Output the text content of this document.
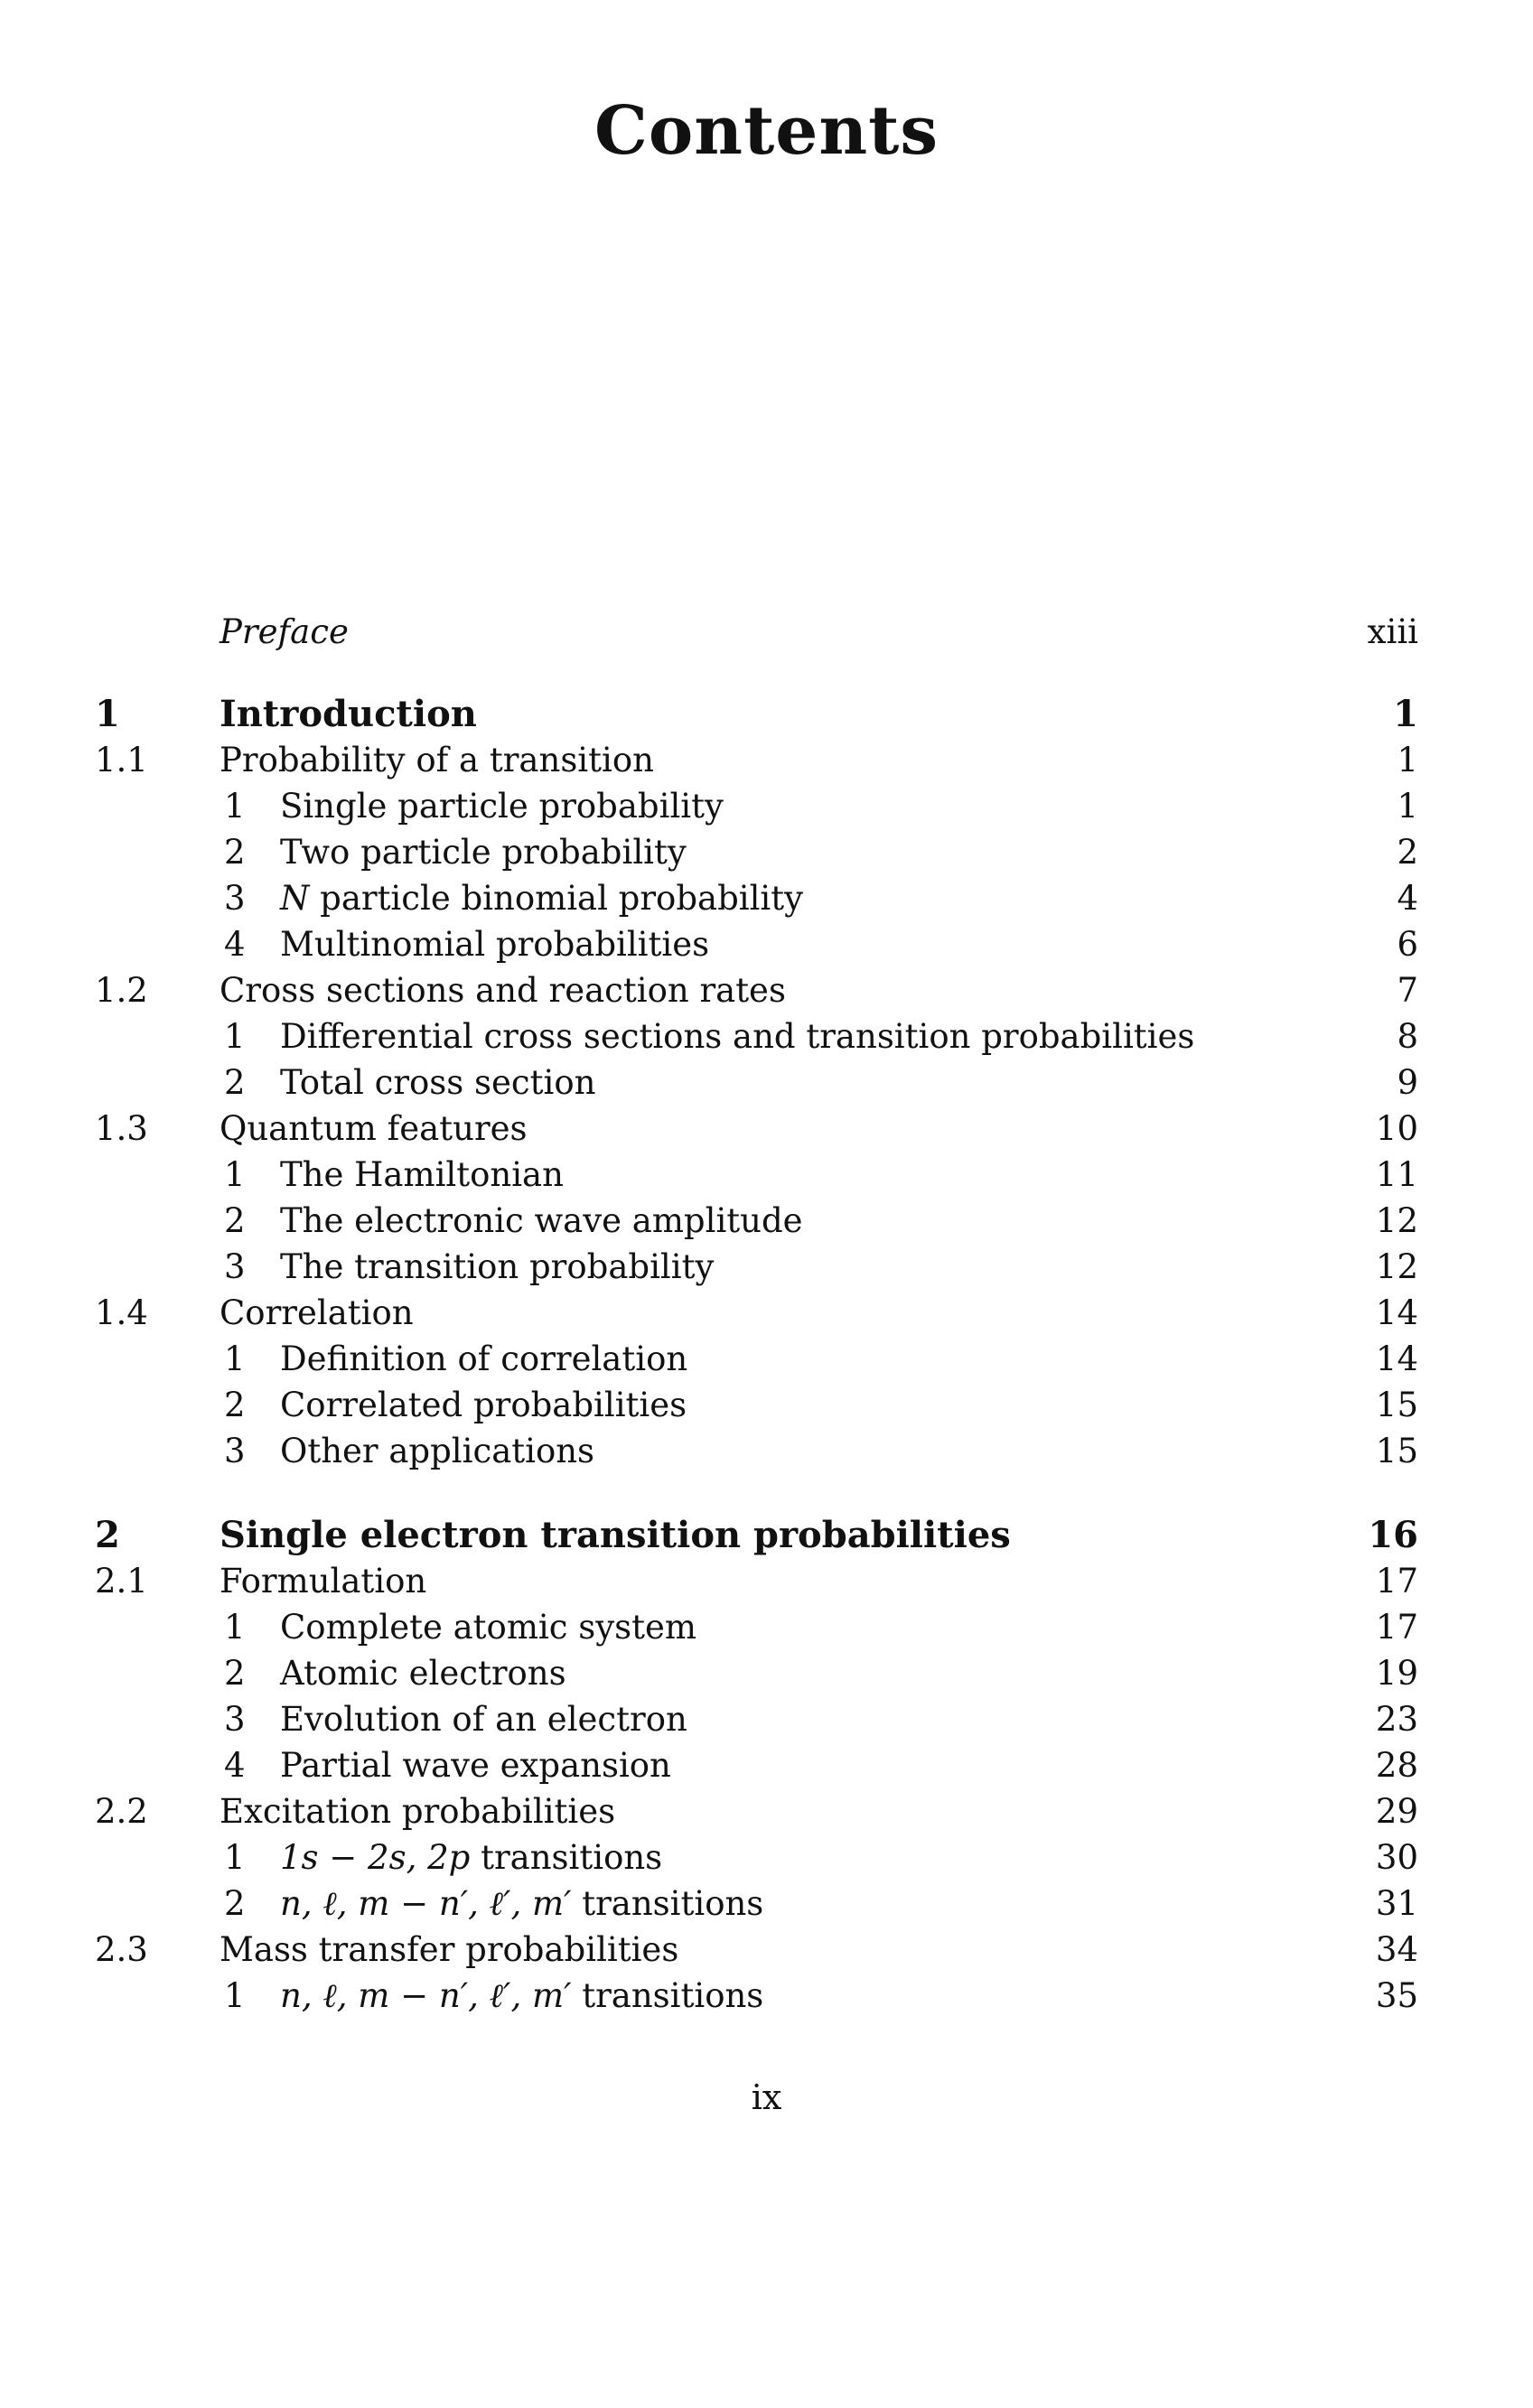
Contents
Preface	xiii
1	Introduction	1
1.1 Probability of a transition	1
1 Single particle probability	1
2 Two particle probability	2
3 N particle binomial probability	4
4 Multinomial probabilities	6
1.2 Cross sections and reaction rates	7
1 Differential cross sections and transition probabilities	8
2 Total cross section	9
1.3 Quantum features	10
1 The Hamiltonian	11
2 The electronic wave amplitude	12
3 The transition probability	12
1.4 Correlation	14
1 Definition of correlation	14
2 Correlated probabilities	15
3 Other applications	15
2	Single electron transition probabilities	16
2.1 Formulation	17
1 Complete atomic system	17
2 Atomic electrons	19
3 Evolution of an electron	23
4 Partial wave expansion	28
2.2 Excitation probabilities	29
1 1s − 2s, 2p transitions	30
2 n, ℓ, m − n′, ℓ′, m′ transitions	31
2.3 Mass transfer probabilities	34
1 n, ℓ, m − n′, ℓ′, m′ transitions	35
ix
